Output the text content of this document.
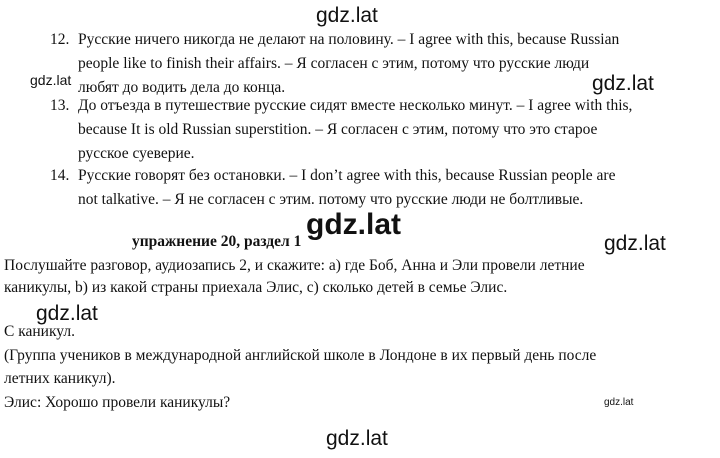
gdz.lat
gdz.lat	gdz.lat
12. Русские ничего никогда не делают на половину. – I agree with this, because Russian
people like to finish their affairs. – Я согласен с этим, потому что русские люди
любят до водить дела до конца.
13. До отъезда в путешествие русские сидят вместе несколько минут. – I agree with this,
because It is old Russian superstition. – Я согласен с этим, потому что это старое
русское суеверие.
14. Русские говорят без остановки. – I don’t agree with this, because Russian people are
not talkative. – Я не согласен с этим. потому что русские люди не болтливые.
упражнение 20, раздел 1
gdz.lat
gdz.lat
Послушайте разговор, аудиозапись 2, и скажите: a) где Боб, Анна и Эли провели летние
каникулы, b) из какой страны приехала Элис, c) сколько детей в семье Элис.
gdz.lat
С каникул.
(Группа учеников в международной английской школе в Лондоне в их первый день после
летних каникул).
Элис: Хорошо провели каникулы?	gdz.lat
gdz.lat
